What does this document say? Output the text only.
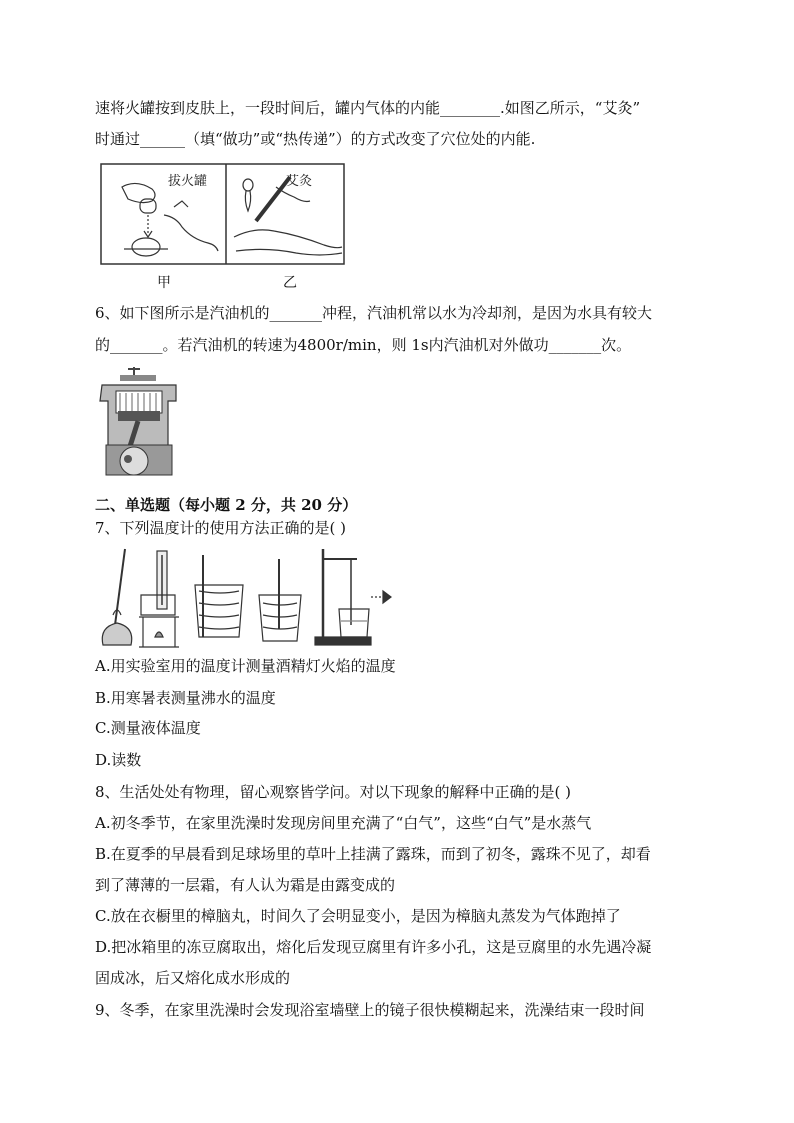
速将火罐按到皮肤上，一段时间后，罐内气体的内能________.如图乙所示，“艾灸”
时通过______（填“做功”或“热传递”）的方式改变了穴位处的内能.
拔火罐	艾灸
甲	乙
6、如下图所示是汽油机的_______冲程，汽油机常以水为冷却剂，是因为水具有较大
的_______。若汽油机的转速为4800r/min，则 1s内汽油机对外做功_______次。
二、单选题（每小题 2 分，共 20 分）
7、下列温度计的使用方法正确的是( )
A.用实验室用的温度计测量酒精灯火焰的温度
B.用寒暑表测量沸水的温度
C.测量液体温度
D.读数
8、生活处处有物理，留心观察皆学问。对以下现象的解释中正确的是( )
A.初冬季节，在家里洗澡时发现房间里充满了“白气”，这些“白气”是水蒸气
B.在夏季的早晨看到足球场里的草叶上挂满了露珠，而到了初冬，露珠不见了，却看
到了薄薄的一层霜，有人认为霜是由露变成的
C.放在衣橱里的樟脑丸，时间久了会明显变小，是因为樟脑丸蒸发为气体跑掉了
D.把冰箱里的冻豆腐取出，熔化后发现豆腐里有许多小孔，这是豆腐里的水先遇冷凝
固成冰，后又熔化成水形成的
9、冬季，在家里洗澡时会发现浴室墙壁上的镜子很快模糊起来，洗澡结束一段时间
